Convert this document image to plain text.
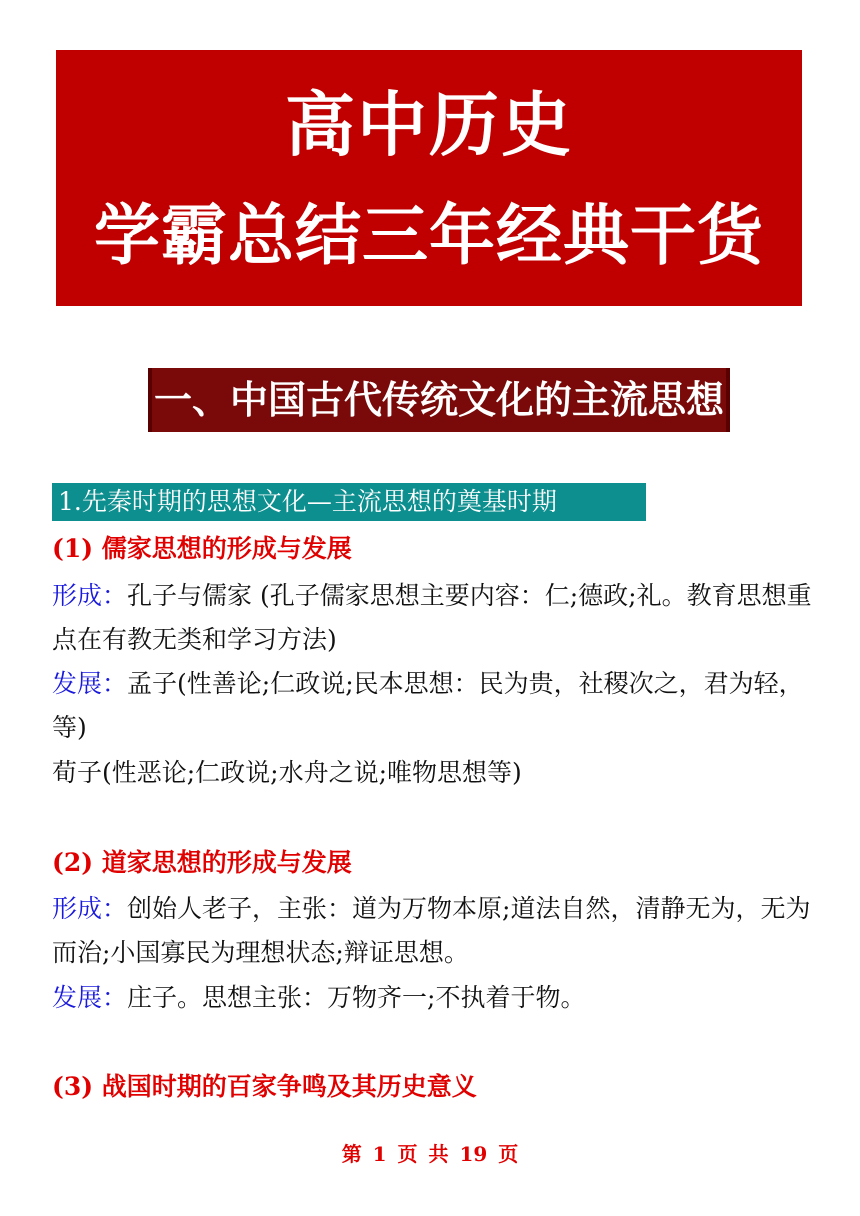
高中历史
学霸总结三年经典干货
一、中国古代传统文化的主流思想
1.先秦时期的思想文化—主流思想的奠基时期
(1) 儒家思想的形成与发展
形成：孔子与儒家 (孔子儒家思想主要内容：仁;德政;礼。教育思想重点在有教无类和学习方法)
发展：孟子(性善论;仁政说;民本思想：民为贵，社稷次之，君为轻，等)
荀子(性恶论;仁政说;水舟之说;唯物思想等)
(2) 道家思想的形成与发展
形成：创始人老子，主张：道为万物本原;道法自然，清静无为，无为而治;小国寡民为理想状态;辩证思想。
发展：庄子。思想主张：万物齐一;不执着于物。
(3) 战国时期的百家争鸣及其历史意义
第 1 页 共 19 页
